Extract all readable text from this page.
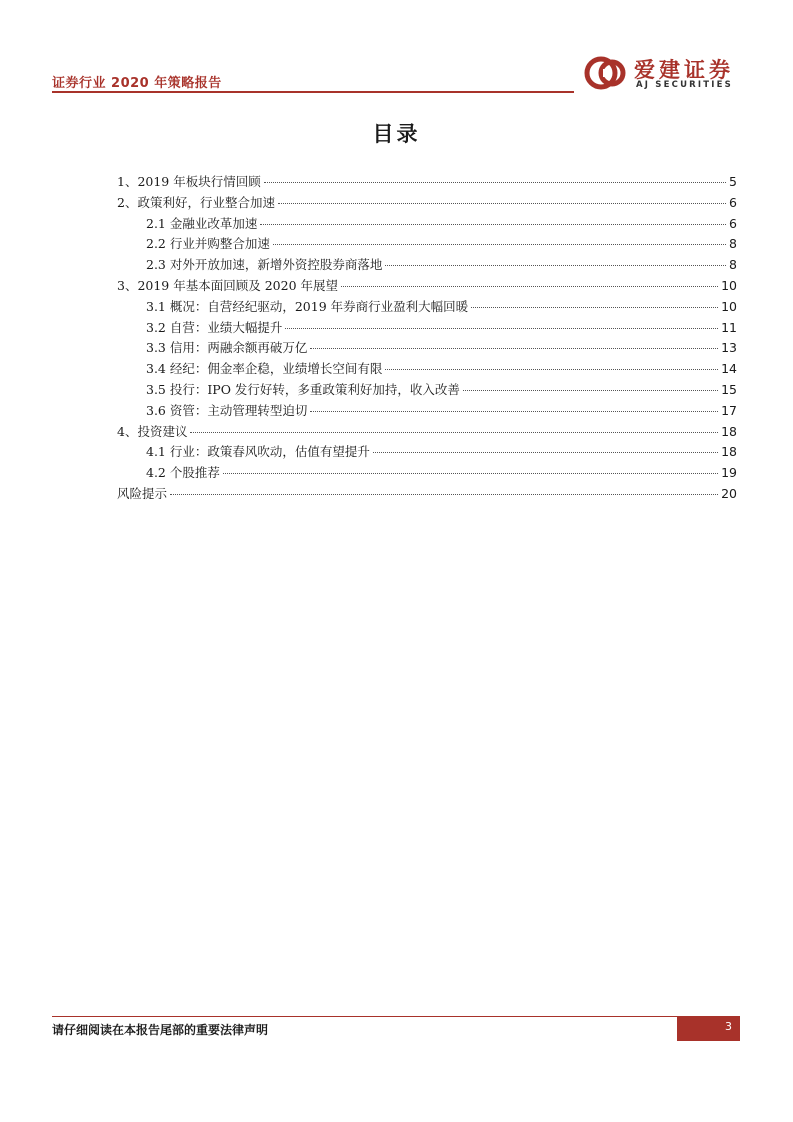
证券行业 2020 年策略报告
爱建证券
AJ SECURITIES
目录
1、2019 年板块行情回顾	5
2、政策利好，行业整合加速	6
2.1 金融业改革加速	6
2.2 行业并购整合加速	8
2.3 对外开放加速，新增外资控股券商落地	8
3、2019 年基本面回顾及 2020 年展望	10
3.1 概况：自营经纪驱动，2019 年券商行业盈利大幅回暖	10
3.2 自营：业绩大幅提升	11
3.3 信用：两融余额再破万亿	13
3.4 经纪：佣金率企稳，业绩增长空间有限	14
3.5 投行：IPO 发行好转，多重政策利好加持，收入改善	15
3.6 资管：主动管理转型迫切	17
4、投资建议	18
4.1 行业：政策春风吹动，估值有望提升	18
4.2 个股推荐	19
风险提示	20
请仔细阅读在本报告尾部的重要法律声明	3
